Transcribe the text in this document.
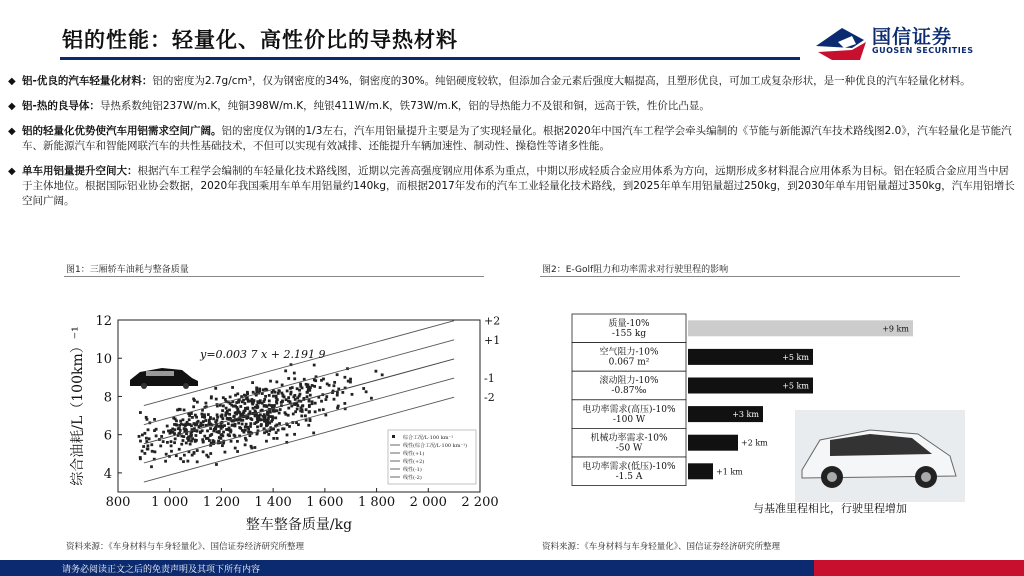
铝的性能：轻量化、高性价比的导热材料	国信证券
GUOSEN SECURITIES
◆ 铝-优良的汽车轻量化材料：铝的密度为2.7g/cm³，仅为钢密度的34%，铜密度的30%。纯铝硬度较软，但添加合金元素后强度大幅提高，且塑形优良，可加工成复杂形状，是一种优良的汽车轻量化材料。
◆ 铝-热的良导体：导热系数纯铝237W/m.K，纯铜398W/m.K，纯银411W/m.K，铁73W/m.K，铝的导热能力不及银和铜，远高于铁，性价比凸显。
◆ 铝的轻量化优势使汽车用铝需求空间广阔。铝的密度仅为钢的1/3左右，汽车用铝量提升主要是为了实现轻量化。根据2020年中国汽车工程学会牵头编制的《节能与新能源汽车技术路线图2.0》，汽车轻量化是节能汽车、新能源汽车和智能网联汽车的共性基础技术，不但可以实现有效减排、还能提升车辆加速性、制动性、操稳性等诸多性能。
◆ 单车用铝量提升空间大：根据汽车工程学会编制的车轻量化技术路线图，近期以完善高强度钢应用体系为重点，中期以形成轻质合金应用体系为方向，远期形成多材料混合应用体系为目标。铝在轻质合金应用当中居于主体地位。根据国际铝业协会数据，2020年我国乘用车单车用铝量约140kg，而根据2017年发布的汽车工业轻量化技术路线，到2025年单车用铝量超过250kg，到2030年单车用铝量超过350kg，汽车用铝增长空间广阔。
图1：三厢轿车油耗与整备质量	图2：E-Golf阻力和功率需求对行驶里程的影响
+2
+1
-1
-2
y=0.003 7 x + 2.191 9
800 1 000 1 200 1 400 1 600 1 800 2 000 2 200
4
6
8
10
12
整车整备质量/kg
综合油耗/L（100km）⁻¹	综合工况/L·100 km⁻¹
线性(综合工况/L·100 km⁻¹)
线性(+1)
线性(+2)
线性(-1)
线性(-2)
质量-10%
-155 kg
+9 km
空气阻力-10%
0.067 m²
+5 km
滚动阻力-10%
-0.87‰
+5 km
电功率需求(高压)-10%
-100 W
+3 km
机械功率需求-10%
-50 W
+2 km
电功率需求(低压)-10%
-1.5 A
+1 km
与基准里程相比，行驶里程增加
资料来源：《车身材料与车身轻量化》、国信证券经济研究所整理	资料来源：《车身材料与车身轻量化》、国信证券经济研究所整理
请务必阅读正文之后的免责声明及其项下所有内容
